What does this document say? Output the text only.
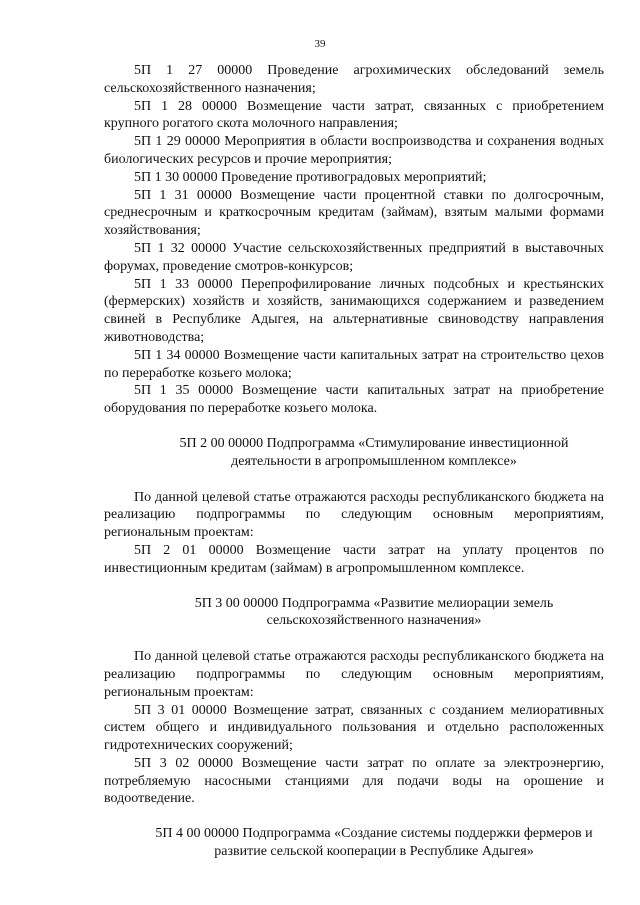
39

5П 1 27 00000 Проведение агрохимических обследований земель сельскохозяйственного назначения;

5П 1 28 00000 Возмещение части затрат, связанных с приобретением крупного рогатого скота молочного направления;

5П 1 29 00000 Мероприятия в области воспроизводства и сохранения водных биологических ресурсов и прочие мероприятия;

5П 1 30 00000 Проведение противоградовых мероприятий;

5П 1 31 00000 Возмещение части процентной ставки по долгосрочным, среднесрочным и краткосрочным кредитам (займам), взятым малыми формами хозяйствования;

5П 1 32 00000 Участие сельскохозяйственных предприятий в выставочных форумах, проведение смотров-конкурсов;

5П 1 33 00000 Перепрофилирование личных подсобных и крестьянских (фермерских) хозяйств и хозяйств, занимающихся содержанием и разведением свиней в Республике Адыгея, на альтернативные свиноводству направления животноводства;

5П 1 34 00000 Возмещение части капитальных затрат на строительство цехов по переработке козьего молока;

5П 1 35 00000 Возмещение части капитальных затрат на приобретение оборудования по переработке козьего молока.

5П 2 00 00000 Подпрограмма «Стимулирование инвестиционной деятельности в агропромышленном комплексе»

По данной целевой статье отражаются расходы республиканского бюджета на реализацию подпрограммы по следующим основным мероприятиям, региональным проектам:

5П 2 01 00000 Возмещение части затрат на уплату процентов по инвестиционным кредитам (займам) в агропромышленном комплексе.

5П 3 00 00000 Подпрограмма «Развитие мелиорации земель сельскохозяйственного назначения»

По данной целевой статье отражаются расходы республиканского бюджета на реализацию подпрограммы по следующим основным мероприятиям, региональным проектам:

5П 3 01 00000 Возмещение затрат, связанных с созданием мелиоративных систем общего и индивидуального пользования и отдельно расположенных гидротехнических сооружений;

5П 3 02 00000 Возмещение части затрат по оплате за электроэнергию, потребляемую насосными станциями для подачи воды на орошение и водоотведение.

5П 4 00 00000 Подпрограмма «Создание системы поддержки фермеров и развитие сельской кооперации в Республике Адыгея»
